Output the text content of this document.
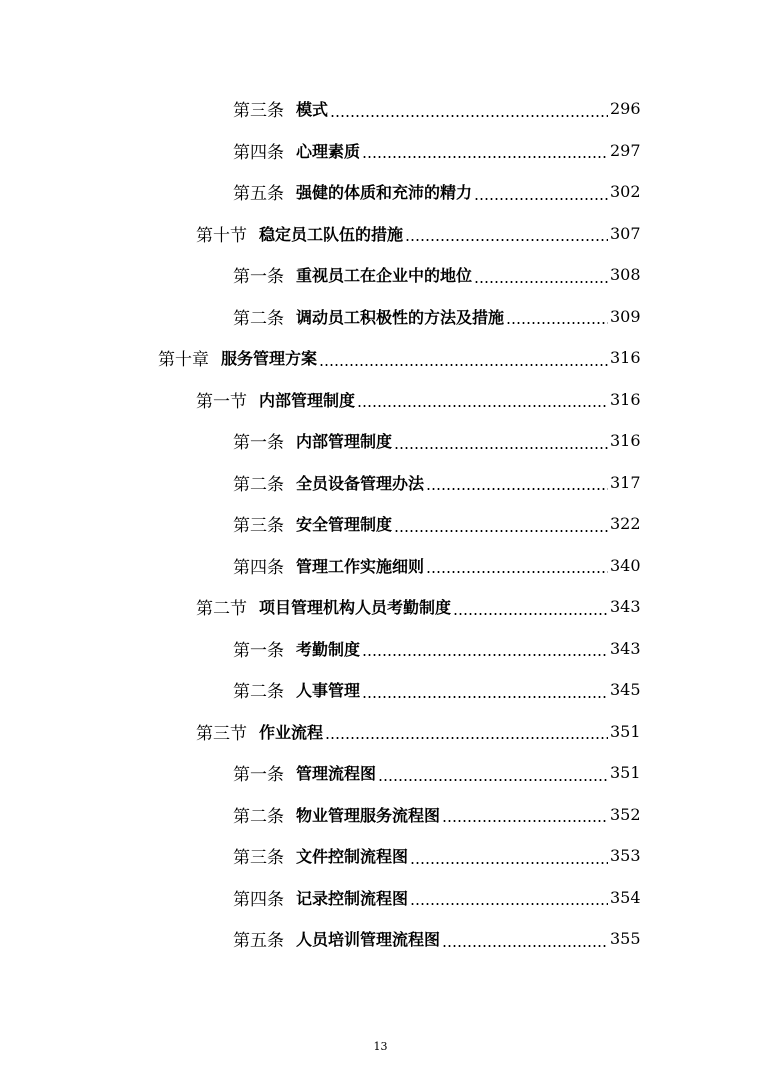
第三条 模式	296
第四条 心理素质	297
第五条 强健的体质和充沛的精力	302
第十节 稳定员工队伍的措施	307
第一条 重视员工在企业中的地位	308
第二条 调动员工积极性的方法及措施	309
第十章 服务管理方案	316
第一节 内部管理制度	316
第一条 内部管理制度	316
第二条 全员设备管理办法	317
第三条 安全管理制度	322
第四条 管理工作实施细则	340
第二节 项目管理机构人员考勤制度	343
第一条 考勤制度	343
第二条 人事管理	345
第三节 作业流程	351
第一条 管理流程图	351
第二条 物业管理服务流程图	352
第三条 文件控制流程图	353
第四条 记录控制流程图	354
第五条 人员培训管理流程图	355
13
